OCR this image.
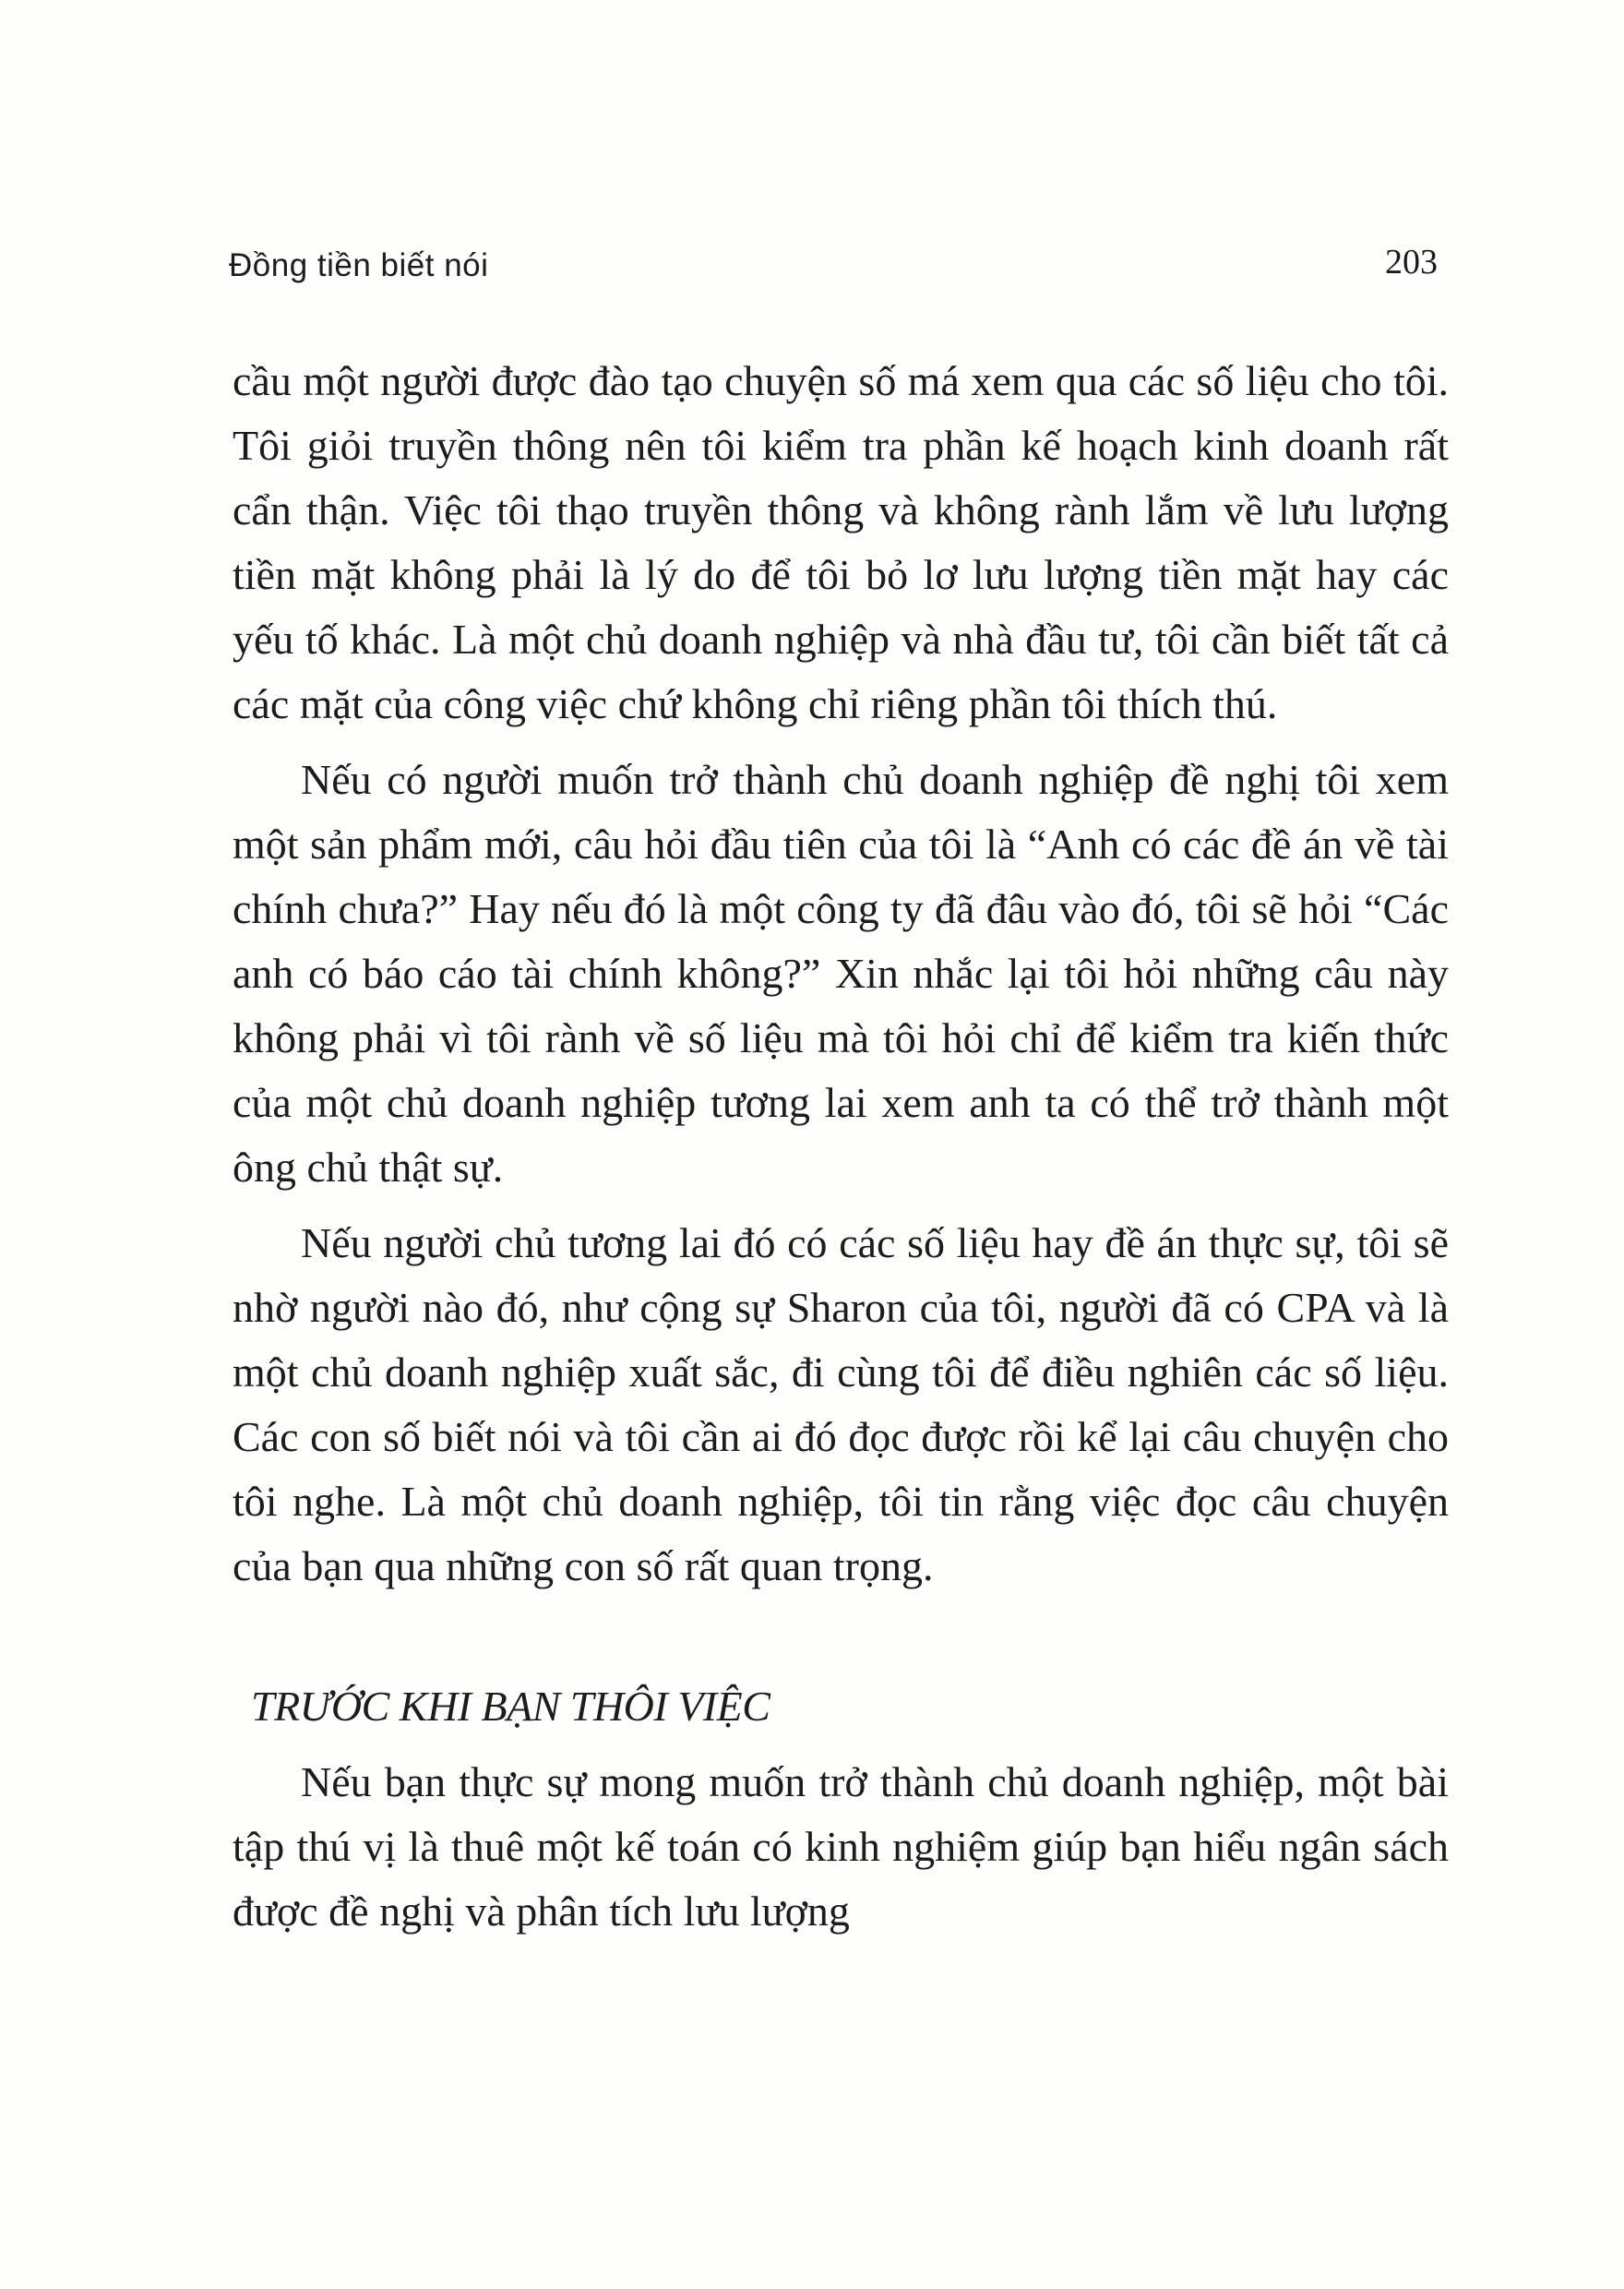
Đồng tiền biết nói	203

cầu một người được đào tạo chuyện số má xem qua các số liệu cho tôi. Tôi giỏi truyền thông nên tôi kiểm tra phần kế hoạch kinh doanh rất cẩn thận. Việc tôi thạo truyền thông và không rành lắm về lưu lượng tiền mặt không phải là lý do để tôi bỏ lơ lưu lượng tiền mặt hay các yếu tố khác. Là một chủ doanh nghiệp và nhà đầu tư, tôi cần biết tất cả các mặt của công việc chứ không chỉ riêng phần tôi thích thú.

Nếu có người muốn trở thành chủ doanh nghiệp đề nghị tôi xem một sản phẩm mới, câu hỏi đầu tiên của tôi là “Anh có các đề án về tài chính chưa?” Hay nếu đó là một công ty đã đâu vào đó, tôi sẽ hỏi “Các anh có báo cáo tài chính không?” Xin nhắc lại tôi hỏi những câu này không phải vì tôi rành về số liệu mà tôi hỏi chỉ để kiểm tra kiến thức của một chủ doanh nghiệp tương lai xem anh ta có thể trở thành một ông chủ thật sự.

Nếu người chủ tương lai đó có các số liệu hay đề án thực sự, tôi sẽ nhờ người nào đó, như cộng sự Sharon của tôi, người đã có CPA và là một chủ doanh nghiệp xuất sắc, đi cùng tôi để điều nghiên các số liệu. Các con số biết nói và tôi cần ai đó đọc được rồi kể lại câu chuyện cho tôi nghe. Là một chủ doanh nghiệp, tôi tin rằng việc đọc câu chuyện của bạn qua những con số rất quan trọng.

TRƯỚC KHI BẠN THÔI VIỆC

Nếu bạn thực sự mong muốn trở thành chủ doanh nghiệp, một bài tập thú vị là thuê một kế toán có kinh nghiệm giúp bạn hiểu ngân sách được đề nghị và phân tích lưu lượng
